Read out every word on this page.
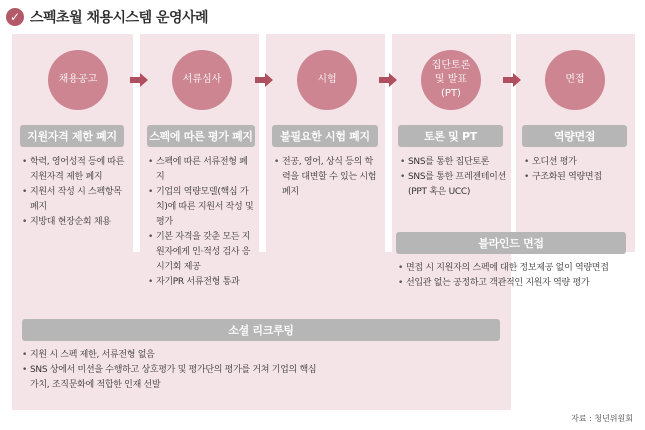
✓ 스펙초월 채용시스템 운영사례
채용공고	서류심사	시험
집단토론 및 발표(PT)
면접
지원자격 제한 폐지	스펙에 따른 평가 폐지	불필요한 시험 폐지	토론 및 PT	역량면접
• 학력, 영어성적 등에 따른 지원자격 제한 폐지
• 지원서 작성 시 스펙항목 폐지
• 지방대 현장순회 채용
• 스펙에 따른 서류전형 폐지
• 기업의 역량모델(핵심 가치)에 따른 지원서 작성 및 평가
• 기본 자격을 갖춘 모든 지원자에게 인·적성 검사 응시기회 제공
• 자기PR 서류전형 통과
• 전공, 영어, 상식 등의 학력을 대변할 수 있는 시험 폐지
• SNS를 통한 집단토론
• SNS를 통한 프레젠테이션(PPT 혹은 UCC)
• 오디션 평가
• 구조화된 역량면접
블라인드 면접
• 면접 시 지원자의 스펙에 대한 정보제공 없이 역량면접
• 선입관 없는 공정하고 객관적인 지원자 역량 평가
소셜 리크루팅
• 지원 시 스펙 제한, 서류전형 없음
• SNS 상에서 미션을 수행하고 상호평가 및 평가단의 평가를 거쳐 기업의 핵심 가치, 조직문화에 적합한 인재 선발
자료 : 청년위원회
